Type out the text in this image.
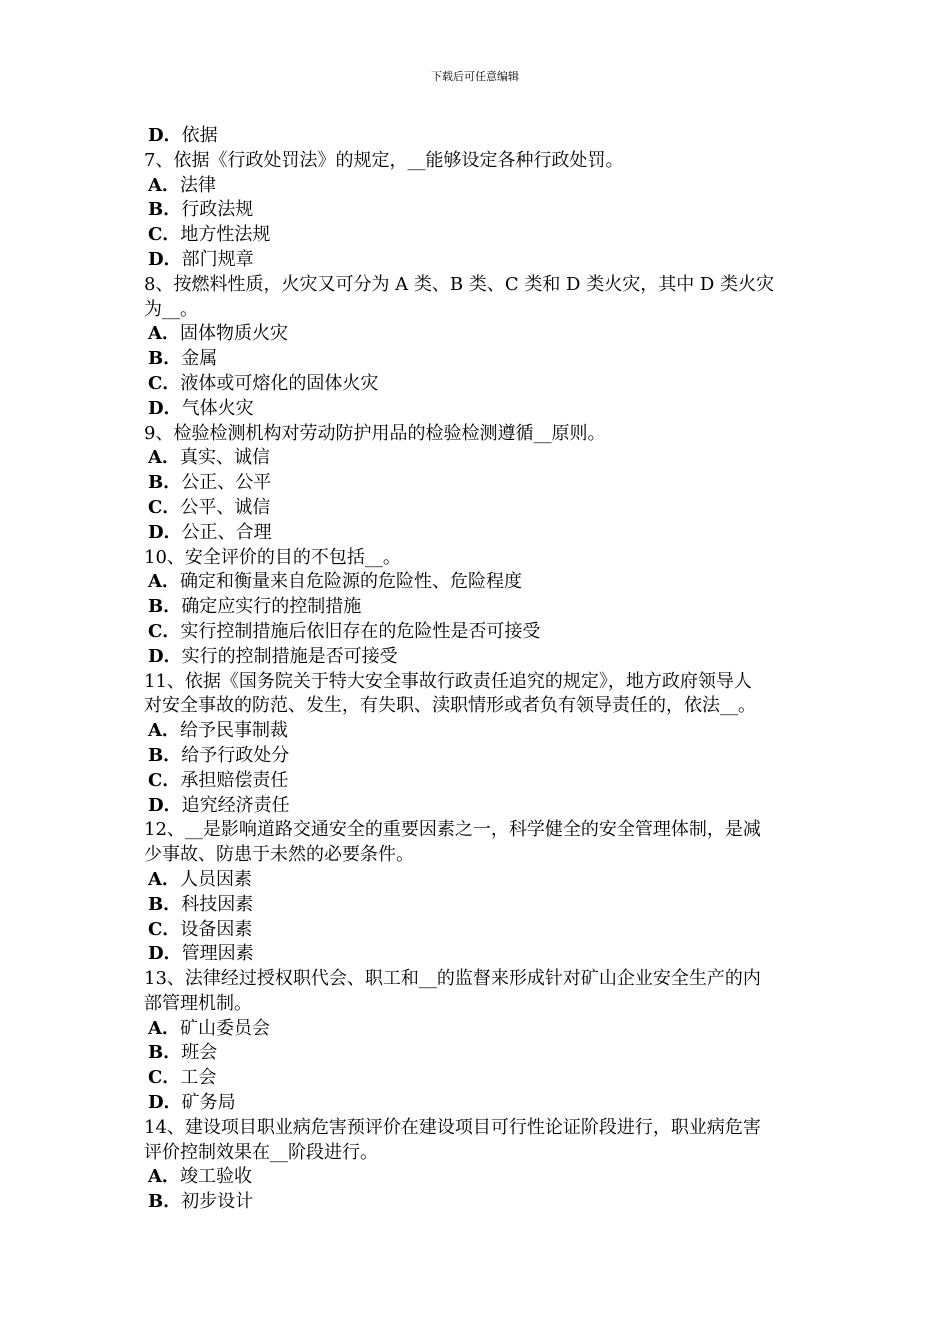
下载后可任意编辑
D．依据
7、依据《行政处罚法》的规定，__能够设定各种行政处罚。
A．法律
B．行政法规
C．地方性法规
D．部门规章
8、按燃料性质，火灾又可分为 A 类、B 类、C 类和 D 类火灾，其中 D 类火灾
为__。
A．固体物质火灾
B．金属
C．液体或可熔化的固体火灾
D．气体火灾
9、检验检测机构对劳动防护用品的检验检测遵循__原则。
A．真实、诚信
B．公正、公平
C．公平、诚信
D．公正、合理
10、安全评价的目的不包括__。
A．确定和衡量来自危险源的危险性、危险程度
B．确定应实行的控制措施
C．实行控制措施后依旧存在的危险性是否可接受
D．实行的控制措施是否可接受
11、依据《国务院关于特大安全事故行政责任追究的规定》，地方政府领导人
对安全事故的防范、发生，有失职、渎职情形或者负有领导责任的，依法__。
A．给予民事制裁
B．给予行政处分
C．承担赔偿责任
D．追究经济责任
12、__是影响道路交通安全的重要因素之一，科学健全的安全管理体制，是减
少事故、防患于未然的必要条件。
A．人员因素
B．科技因素
C．设备因素
D．管理因素
13、法律经过授权职代会、职工和__的监督来形成针对矿山企业安全生产的内
部管理机制。
A．矿山委员会
B．班会
C．工会
D．矿务局
14、建设项目职业病危害预评价在建设项目可行性论证阶段进行，职业病危害
评价控制效果在__阶段进行。
A．竣工验收
B．初步设计
